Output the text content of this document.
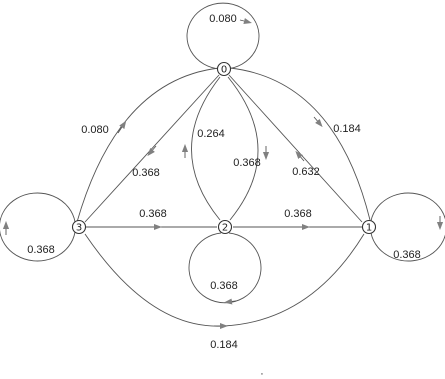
0
1
2
3
0.080
0.368
0.368
0.368
0.080
0.368
0.264
0.368
0.184
0.632
0.368	0.368
0.184
·
